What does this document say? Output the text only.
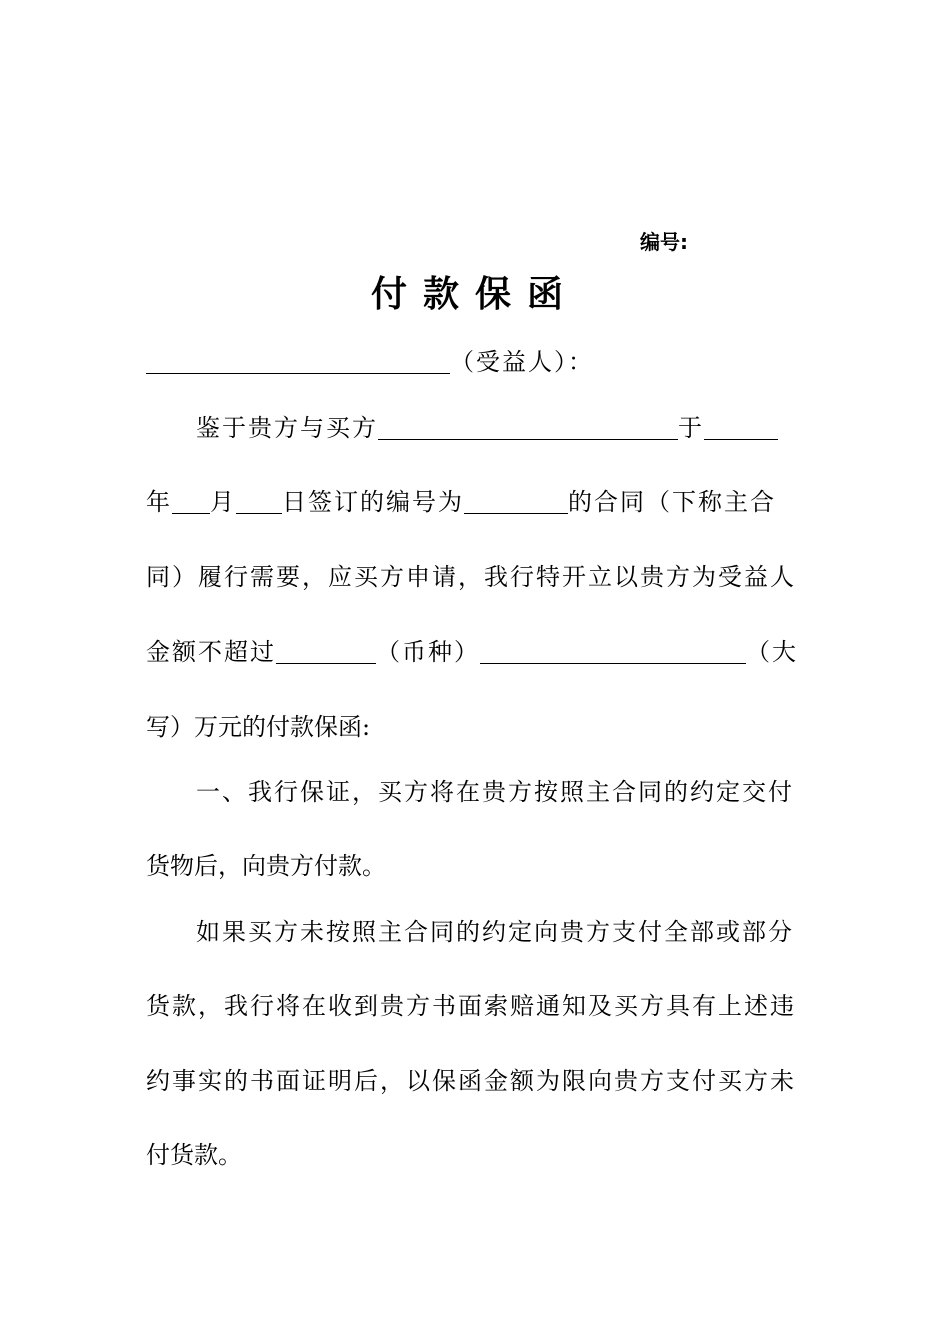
编号:
付款保函
（受益人）：
鉴于贵方与买方	于
年 月 日签订的编号为	的合同（下称主合
同）履行需要，应买方申请，我行特开立以贵方为受益人
金额不超过	（币种）	（大
写）万元的付款保函:
一、我行保证，买方将在贵方按照主合同的约定交付
货物后，向贵方付款。
如果买方未按照主合同的约定向贵方支付全部或部分
货款，我行将在收到贵方书面索赔通知及买方具有上述违
约事实的书面证明后，以保函金额为限向贵方支付买方未
付货款。
